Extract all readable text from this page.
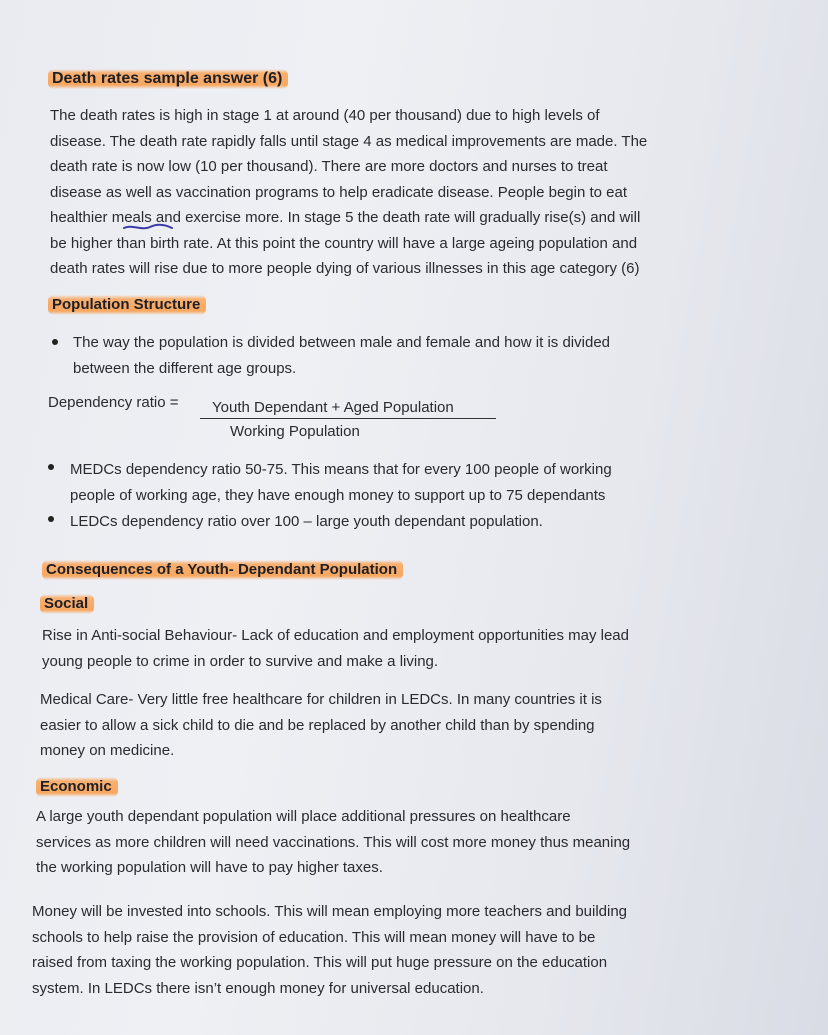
Death rates sample answer (6)
The death rates is high in stage 1 at around (40 per thousand) due to high levels of
disease. The death rate rapidly falls until stage 4 as medical improvements are made. The
death rate is now low (10 per thousand). There are more doctors and nurses to treat
disease as well as vaccination programs to help eradicate disease. People begin to eat
healthier meals and exercise more. In stage 5 the death rate will gradually rise(s) and will
be higher than birth rate. At this point the country will have a large ageing population and
death rates will rise due to more people dying of various illnesses in this age category (6)
Population Structure
The way the population is divided between male and female and how it is divided
between the different age groups.
Dependency ratio = Youth Dependant + Aged Population
Working Population
MEDCs dependency ratio 50-75. This means that for every 100 people of working
people of working age, they have enough money to support up to 75 dependants
LEDCs dependency ratio over 100 – large youth dependant population.
Consequences of a Youth- Dependant Population
Social
Rise in Anti-social Behaviour- Lack of education and employment opportunities may lead
young people to crime in order to survive and make a living.
Medical Care- Very little free healthcare for children in LEDCs. In many countries it is
easier to allow a sick child to die and be replaced by another child than by spending
money on medicine.
Economic
A large youth dependant population will place additional pressures on healthcare
services as more children will need vaccinations. This will cost more money thus meaning
the working population will have to pay higher taxes.
Money will be invested into schools. This will mean employing more teachers and building
schools to help raise the provision of education. This will mean money will have to be
raised from taxing the working population. This will put huge pressure on the education
system. In LEDCs there isn’t enough money for universal education.
